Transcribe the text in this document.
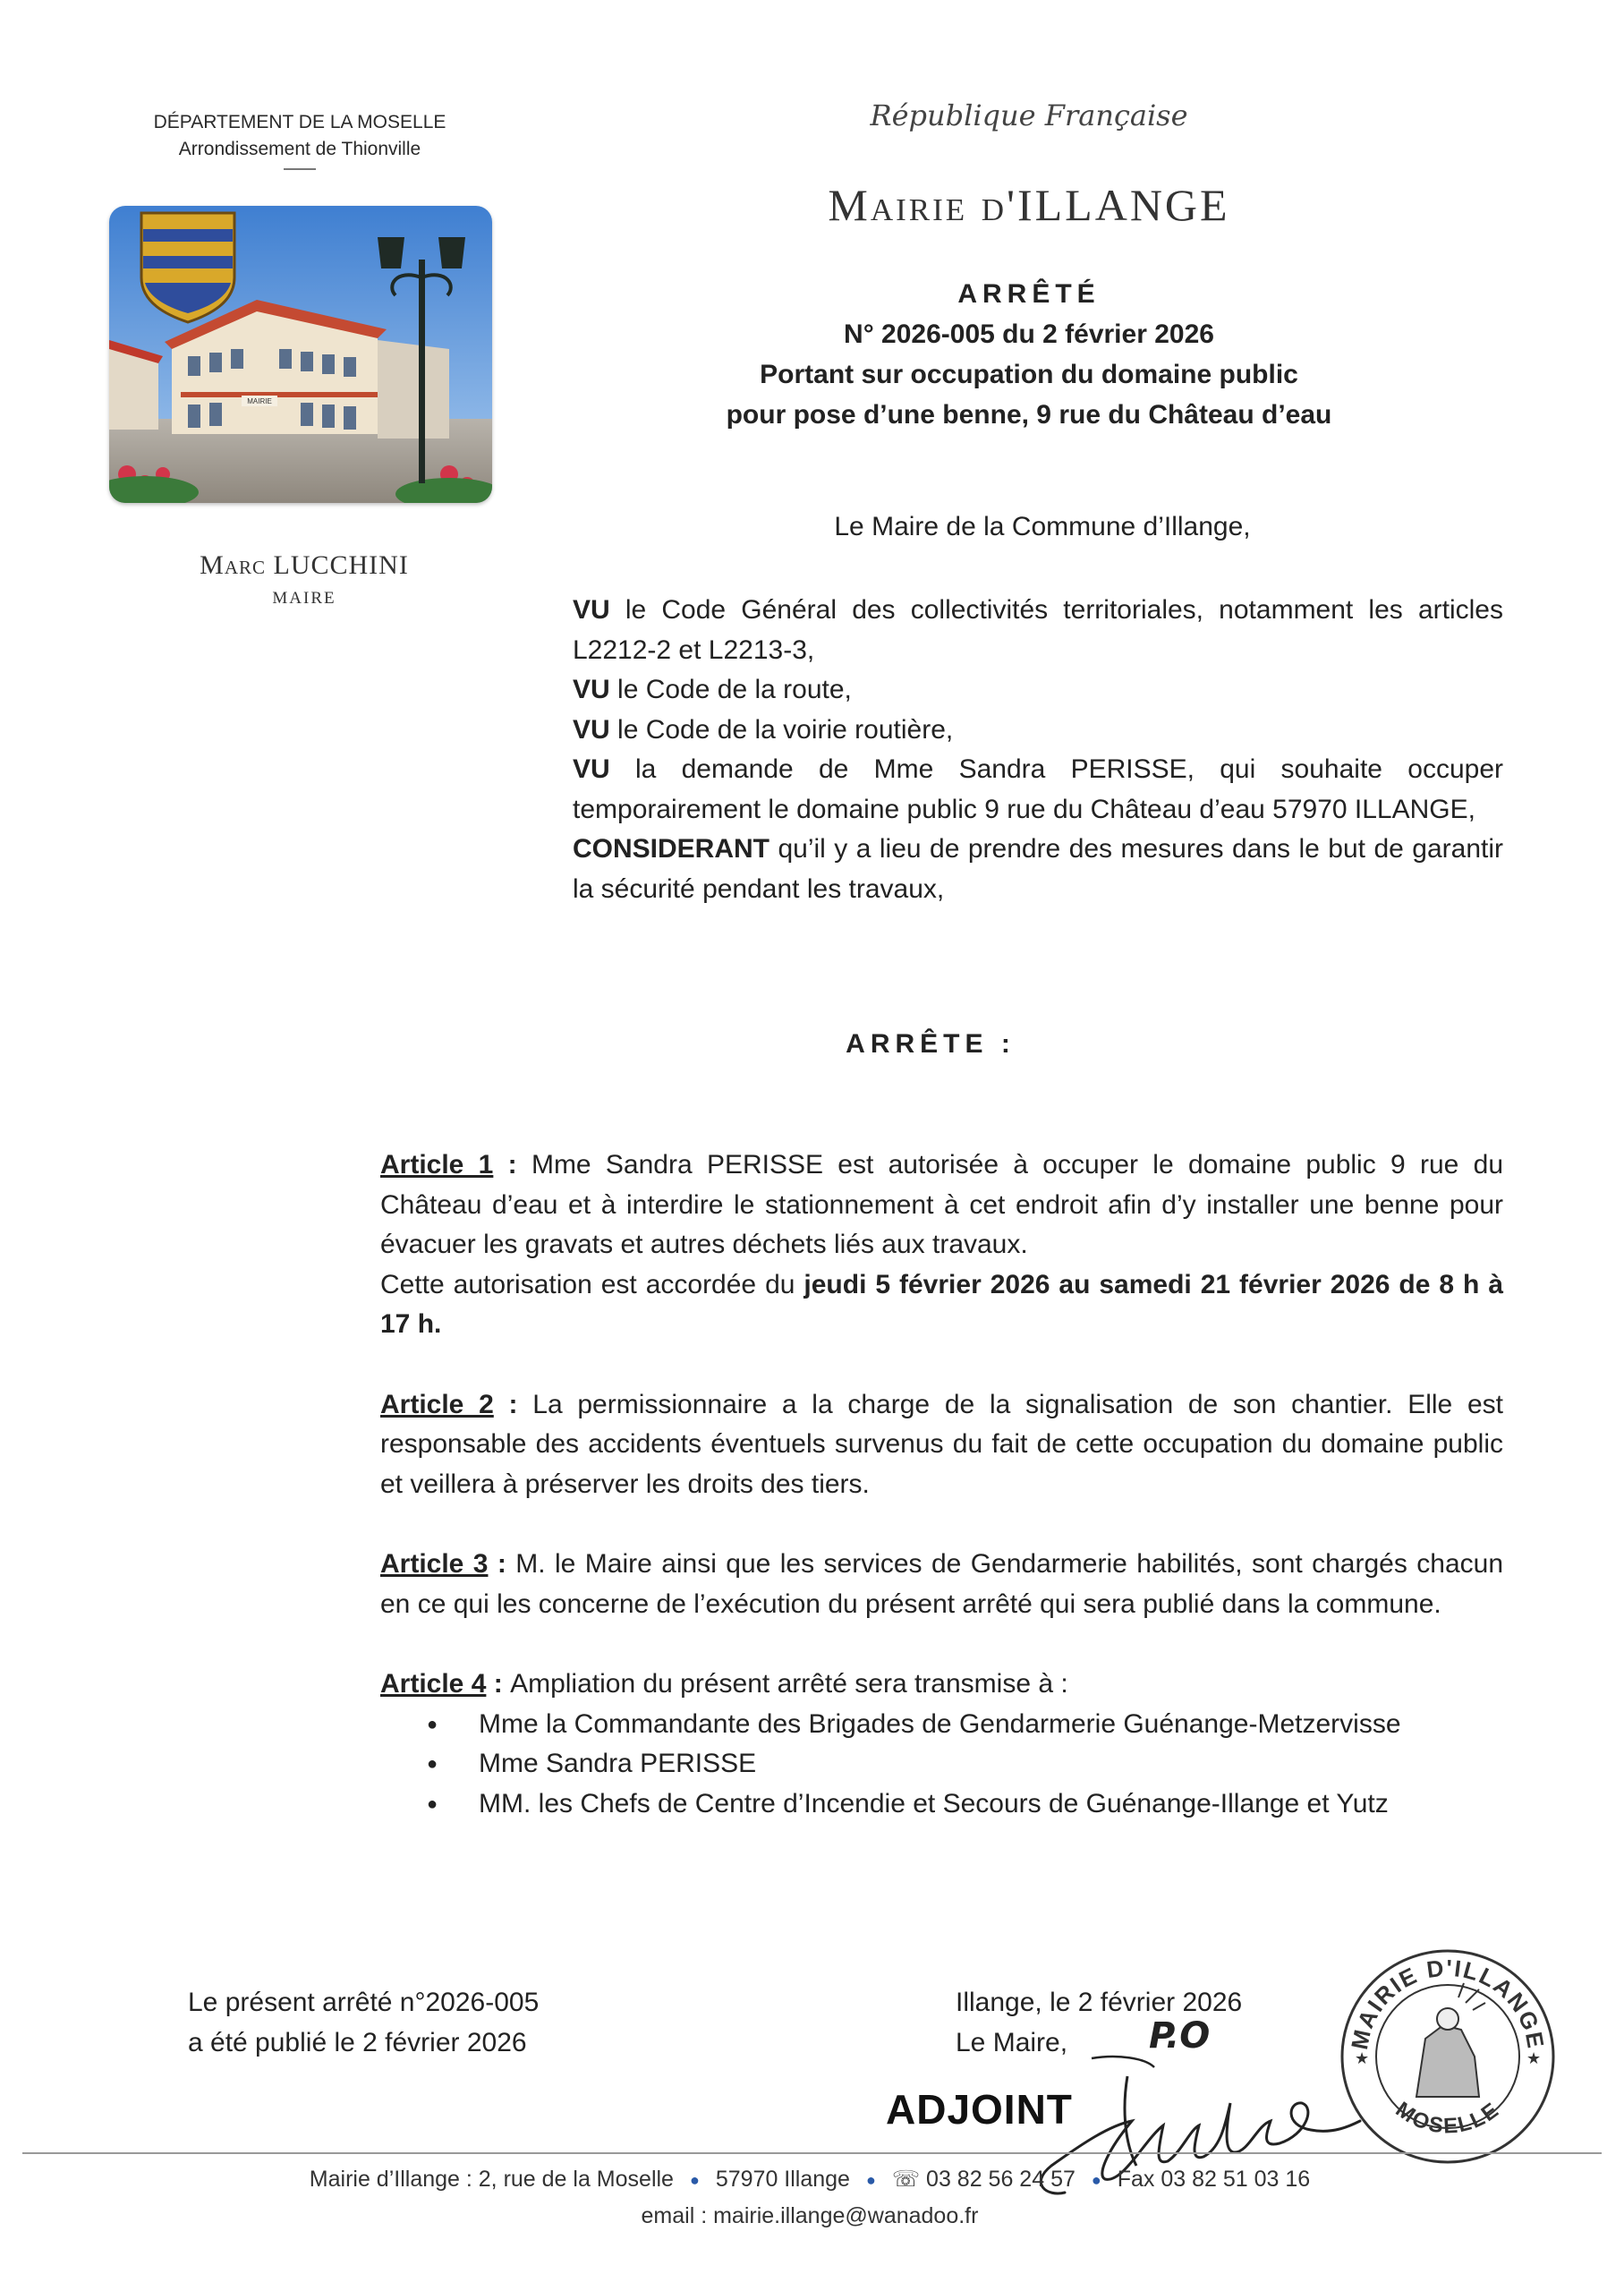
DÉPARTEMENT DE LA MOSELLE
Arrondissement de Thionville
MAIRIE
Marc LUCCHINI
MAIRE
République Française
Mairie d'ILLANGE
ARRÊTÉ
N° 2026-005 du 2 février 2026
Portant sur occupation du domaine public
pour pose d’une benne, 9 rue du Château d’eau
Le Maire de la Commune d’Illange,

VU le Code Général des collectivités territoriales, notamment les articles L2212-2 et L2213-3,

VU le Code de la route,

VU le Code de la voirie routière,

VU la demande de Mme Sandra PERISSE, qui souhaite occuper temporairement le domaine public 9 rue du Château d’eau 57970 ILLANGE,

CONSIDERANT qu’il y a lieu de prendre des mesures dans le but de garantir la sécurité pendant les travaux,

ARRÊTE :
Article 1 : Mme Sandra PERISSE est autorisée à occuper le domaine public 9 rue du Château d’eau et à interdire le stationnement à cet endroit afin d’y installer une benne pour évacuer les gravats et autres déchets liés aux travaux.
Cette autorisation est accordée du jeudi 5 février 2026 au samedi 21 février 2026 de 8 h à 17 h.
Article 2 : La permissionnaire a la charge de la signalisation de son chantier. Elle est responsable des accidents éventuels survenus du fait de cette occupation du domaine public et veillera à préserver les droits des tiers.
Article 3 : M. le Maire ainsi que les services de Gendarmerie habilités, sont chargés chacun en ce qui les concerne de l’exécution du présent arrêté qui sera publié dans la commune.
Article 4 : Ampliation du présent arrêté sera transmise à :
● Mme la Commandante des Brigades de Gendarmerie Guénange-Metzervisse
● Mme Sandra PERISSE
● MM. les Chefs de Centre d’Incendie et Secours de Guénange-Illange et Yutz
Le présent arrêté n°2026-005
a été publié le 2 février 2026
Illange, le 2 février 2026
Le Maire,	P.O
ADJOINT
MAIRIE D'ILLANGE
MOSELLE
★	★
Mairie d’Illange : 2, rue de la Moselle ● 57970 Illange ● ☏ 03 82 56 24 57 ● Fax 03 82 51 03 16
email : mairie.illange@wanadoo.fr
